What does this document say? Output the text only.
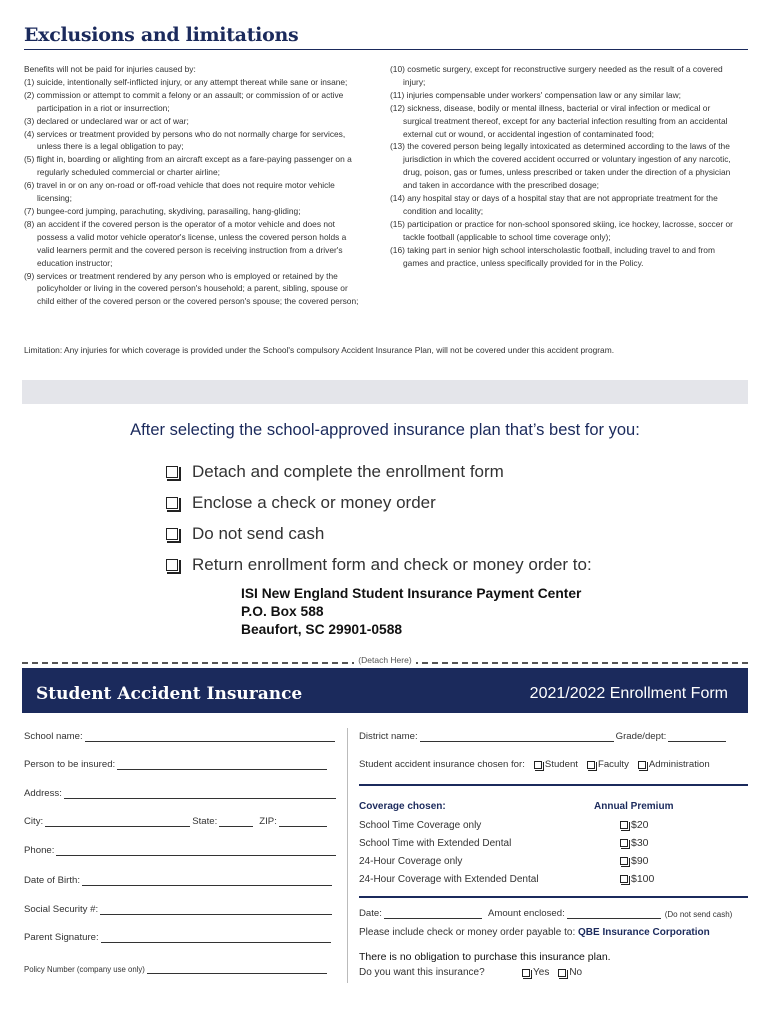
Exclusions and limitations
Benefits will not be paid for injuries caused by:
(1) suicide, intentionally self-inflicted injury, or any attempt thereat while sane or insane;
(2) commission or attempt to commit a felony or an assault; or commission of or active participation in a riot or insurrection;
(3) declared or undeclared war or act of war;
(4) services or treatment provided by persons who do not normally charge for services, unless there is a legal obligation to pay;
(5) flight in, boarding or alighting from an aircraft except as a fare-paying passenger on a regularly scheduled commercial or charter airline;
(6) travel in or on any on-road or off-road vehicle that does not require motor vehicle licensing;
(7) bungee-cord jumping, parachuting, skydiving, parasailing, hang-gliding;
(8) an accident if the covered person is the operator of a motor vehicle and does not possess a valid motor vehicle operator's license, unless the covered person holds a valid learners permit and the covered person is receiving instruction from a driver's education instructor;
(9) services or treatment rendered by any person who is employed or retained by the policyholder or living in the covered person's household; a parent, sibling, spouse or child either of the covered person or the covered person's spouse; the covered person;
(10) cosmetic surgery, except for reconstructive surgery needed as the result of a covered injury;
(11) injuries compensable under workers' compensation law or any similar law;
(12) sickness, disease, bodily or mental illness, bacterial or viral infection or medical or surgical treatment thereof, except for any bacterial infection resulting from an accidental external cut or wound, or accidental ingestion of contaminated food;
(13) the covered person being legally intoxicated as determined according to the laws of the jurisdiction in which the covered accident occurred or voluntary ingestion of any narcotic, drug, poison, gas or fumes, unless prescribed or taken under the direction of a physician and taken in accordance with the prescribed dosage;
(14) any hospital stay or days of a hospital stay that are not appropriate treatment for the condition and locality;
(15) participation or practice for non-school sponsored skiing, ice hockey, lacrosse, soccer or tackle football (applicable to school time coverage only);
(16) taking part in senior high school interscholastic football, including travel to and from games and practice, unless specifically provided for in the Policy.
Limitation: Any injuries for which coverage is provided under the School's compulsory Accident Insurance Plan, will not be covered under this accident program.
After selecting the school-approved insurance plan that’s best for you:
Detach and complete the enrollment form
Enclose a check or money order
Do not send cash
Return enrollment form and check or money order to:
ISI New England Student Insurance Payment Center
P.O. Box 588
Beaufort, SC 29901-0588
(Detach Here)
Student Accident Insurance	2021/2022 Enrollment Form
School name:
Person to be insured:
Address:
City:	State:	ZIP:
Phone:
Date of Birth:
Social Security #:
Parent Signature:
Policy Number (company use only)
District name:	Grade/dept:
Student accident insurance chosen for: Student Faculty Administration
Coverage chosen:	Annual Premium
School Time Coverage only	$20
School Time with Extended Dental	$30
24-Hour Coverage only	$90
24-Hour Coverage with Extended Dental	$100
Date:	Amount enclosed:	(Do not send cash)
Please include check or money order payable to: QBE Insurance Corporation
There is no obligation to purchase this insurance plan.
Do you want this insurance?	Yes No
